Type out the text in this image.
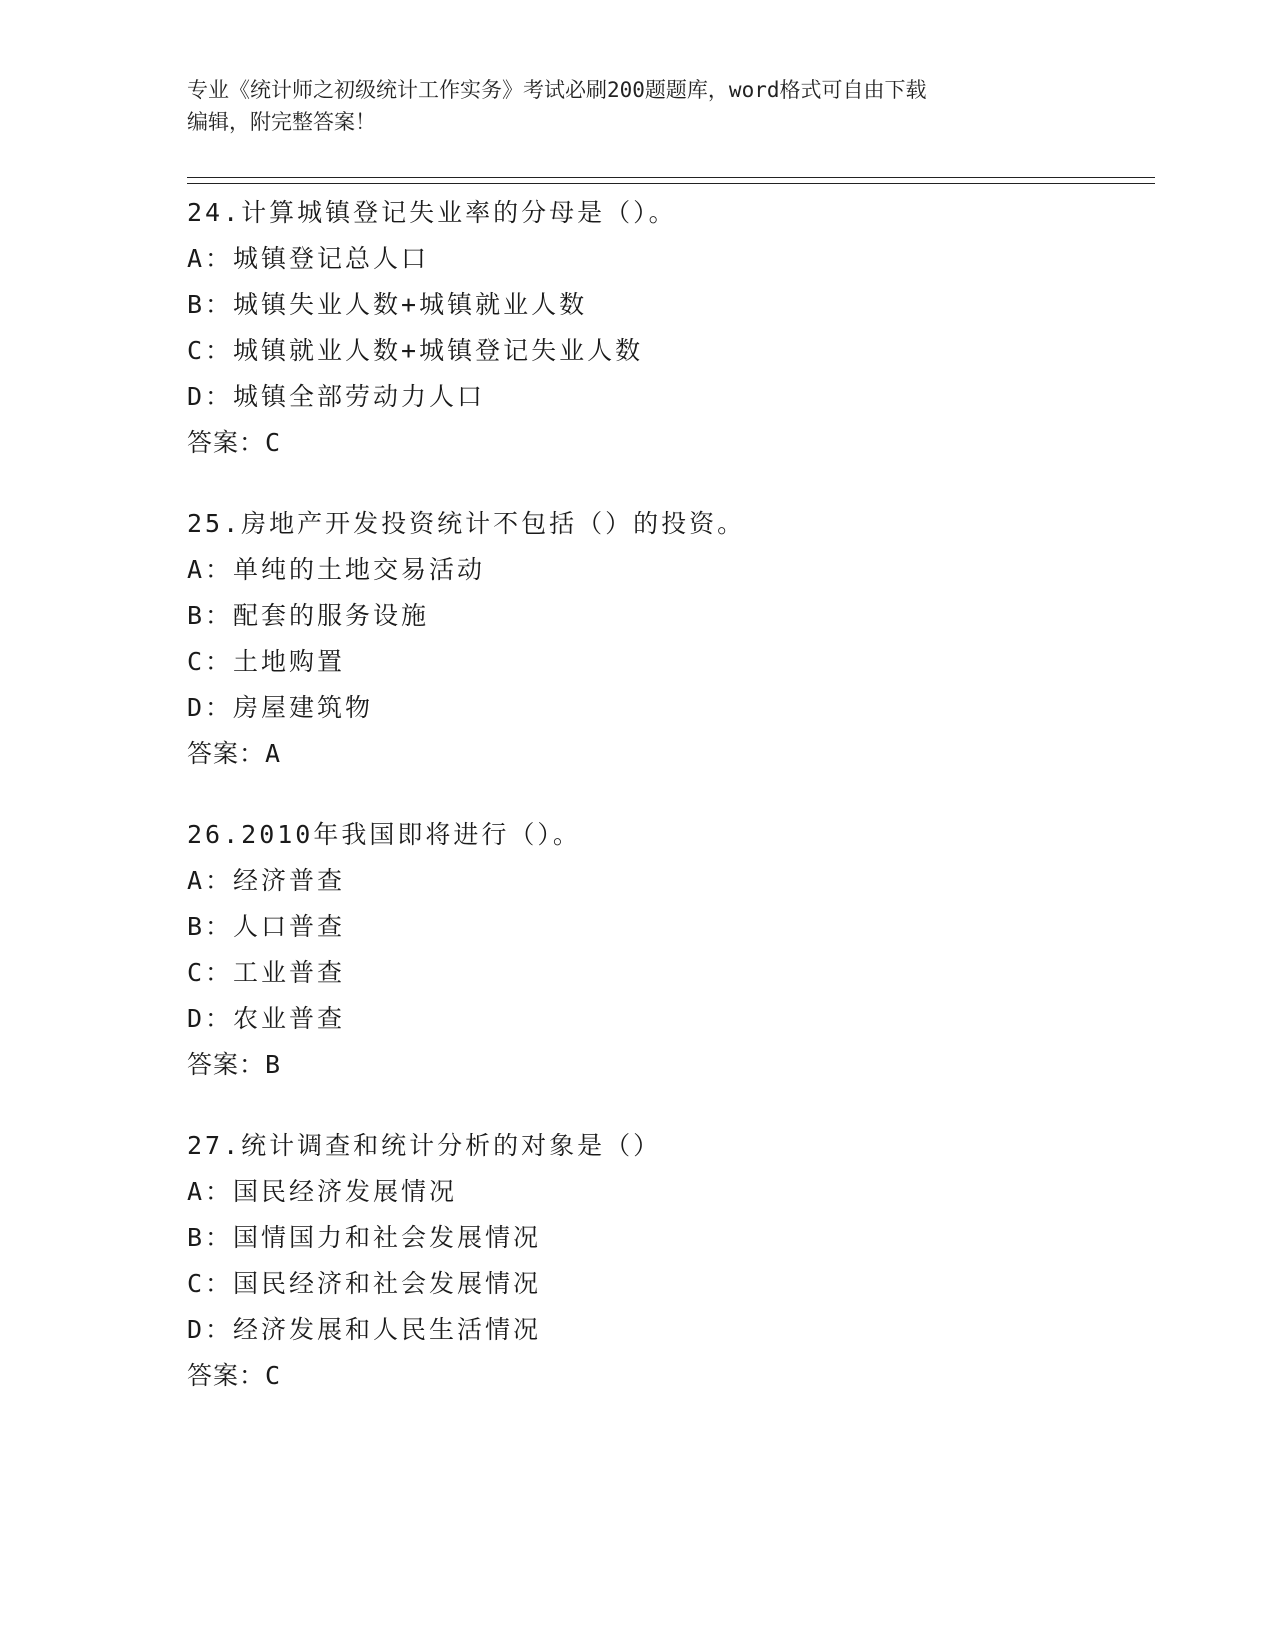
专业《统计师之初级统计工作实务》考试必刷200题题库，word格式可自由下载
编辑，附完整答案！
24.计算城镇登记失业率的分母是（）。
A：城镇登记总人口
B：城镇失业人数+城镇就业人数
C：城镇就业人数+城镇登记失业人数
D：城镇全部劳动力人口
答案：C
25.房地产开发投资统计不包括（）的投资。
A：单纯的土地交易活动
B：配套的服务设施
C：土地购置
D：房屋建筑物
答案：A
26.2010年我国即将进行（）。
A：经济普查
B：人口普查
C：工业普查
D：农业普查
答案：B
27.统计调查和统计分析的对象是（）
A：国民经济发展情况
B：国情国力和社会发展情况
C：国民经济和社会发展情况
D：经济发展和人民生活情况
答案：C
